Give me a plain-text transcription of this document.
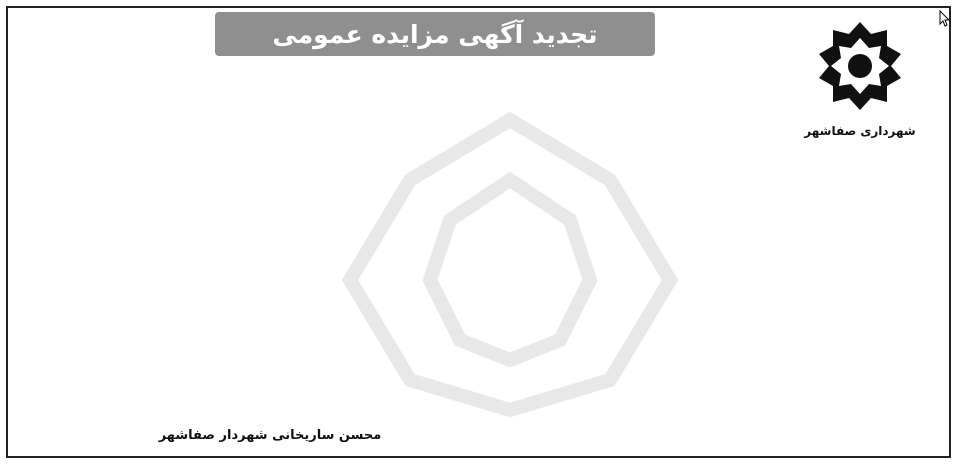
تجدید آگهی مزایده عمومی
شهرداری صفاشهر
محسن ساریخانی شهردار صفاشهر
